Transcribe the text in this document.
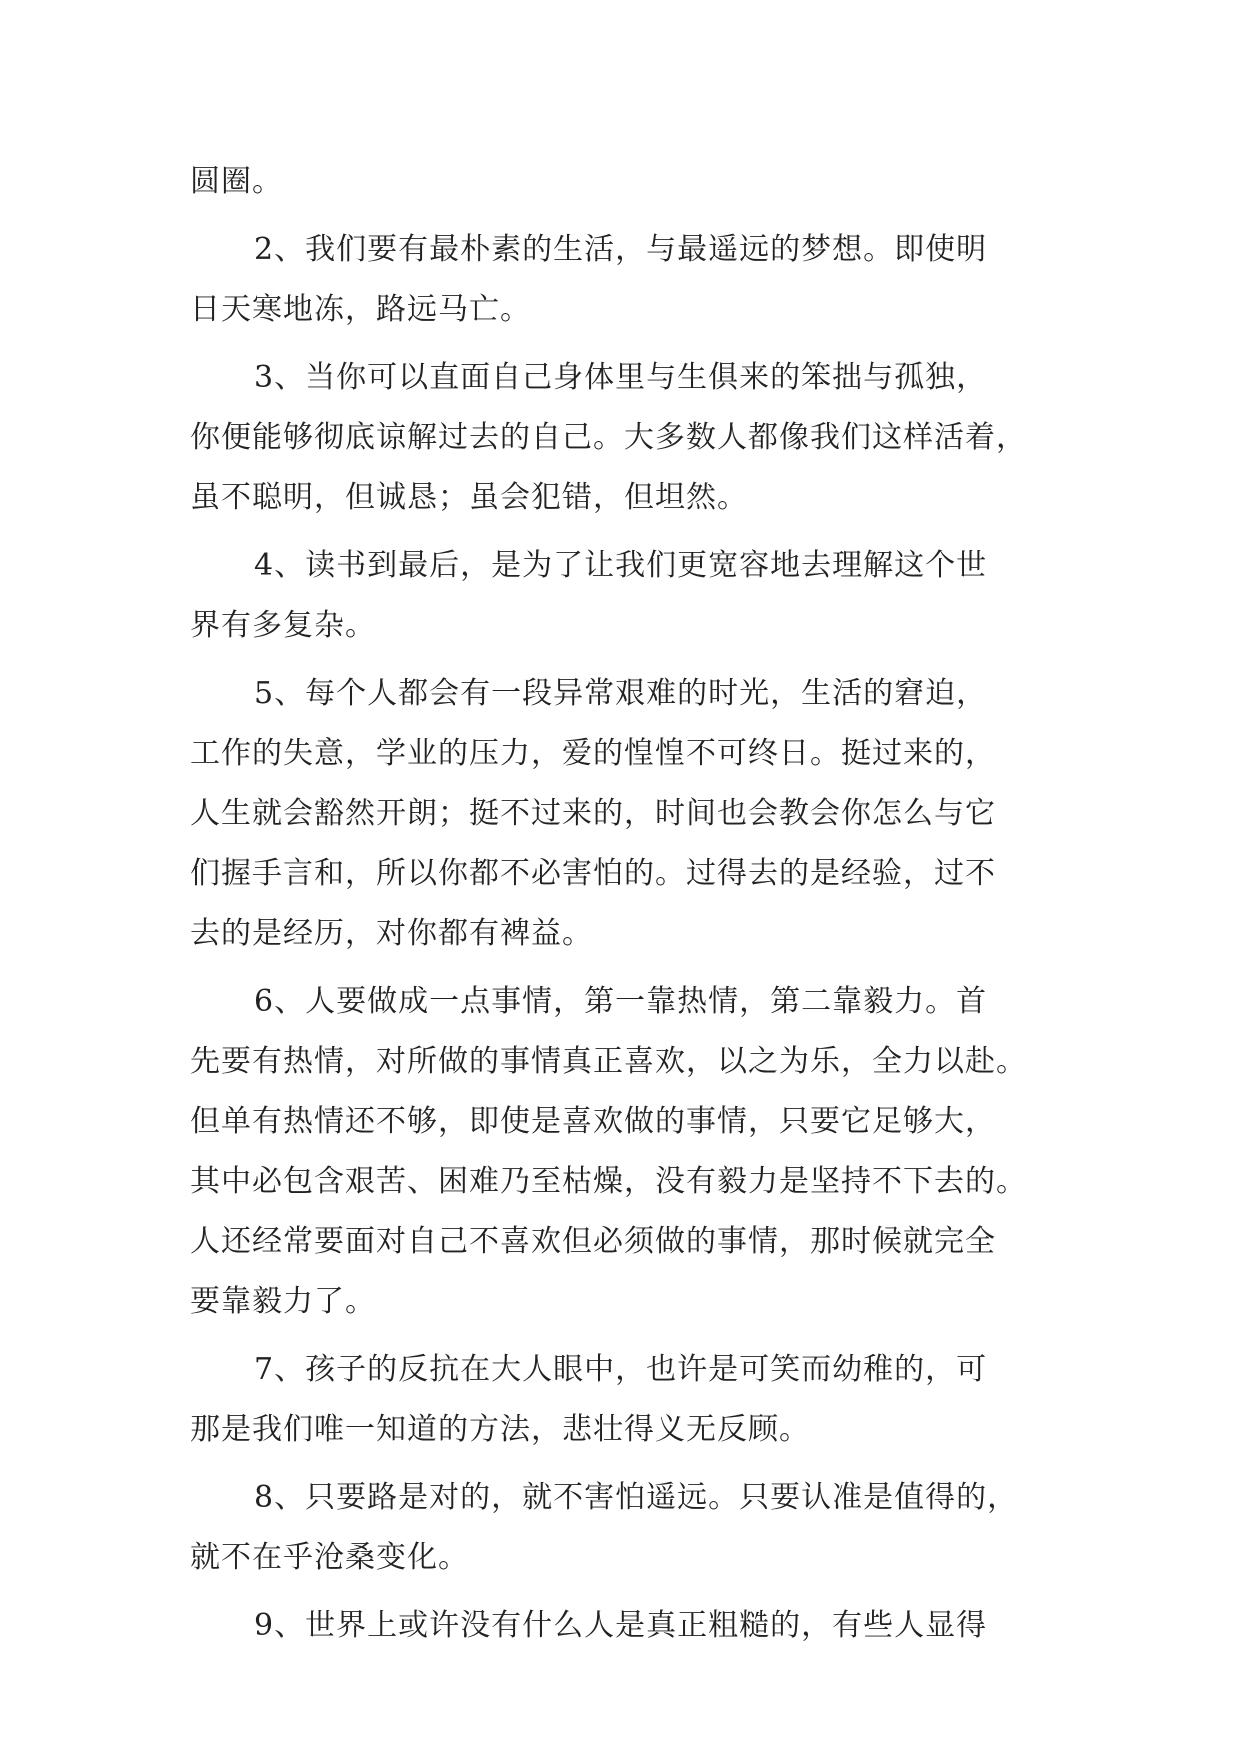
圆圈。
2、我们要有最朴素的生活，与最遥远的梦想。即使明
日天寒地冻，路远马亡。
3、当你可以直面自己身体里与生俱来的笨拙与孤独，
你便能够彻底谅解过去的自己。大多数人都像我们这样活着，
虽不聪明，但诚恳；虽会犯错，但坦然。
4、读书到最后，是为了让我们更宽容地去理解这个世
界有多复杂。
5、每个人都会有一段异常艰难的时光，生活的窘迫，
工作的失意，学业的压力，爱的惶惶不可终日。挺过来的，
人生就会豁然开朗；挺不过来的，时间也会教会你怎么与它
们握手言和，所以你都不必害怕的。过得去的是经验，过不
去的是经历，对你都有裨益。
6、人要做成一点事情，第一靠热情，第二靠毅力。首
先要有热情，对所做的事情真正喜欢，以之为乐，全力以赴。
但单有热情还不够，即使是喜欢做的事情，只要它足够大，
其中必包含艰苦、困难乃至枯燥，没有毅力是坚持不下去的。
人还经常要面对自己不喜欢但必须做的事情，那时候就完全
要靠毅力了。
7、孩子的反抗在大人眼中，也许是可笑而幼稚的，可
那是我们唯一知道的方法，悲壮得义无反顾。
8、只要路是对的，就不害怕遥远。只要认准是值得的，
就不在乎沧桑变化。
9、世界上或许没有什么人是真正粗糙的，有些人显得
